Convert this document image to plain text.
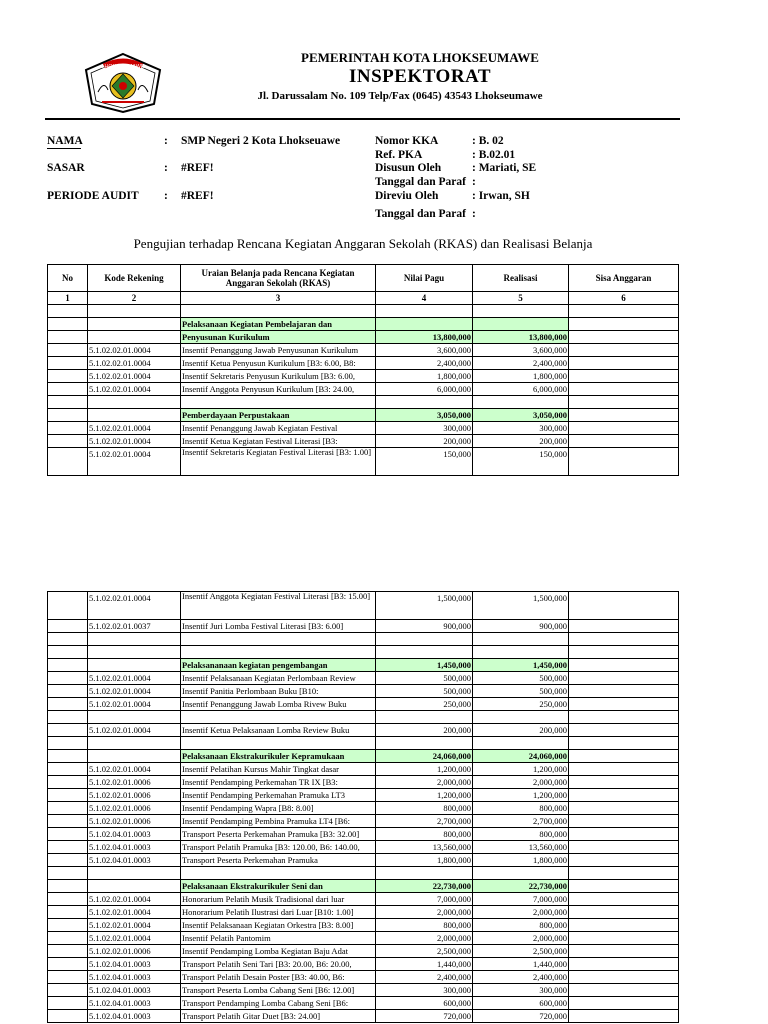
LHOKSEUMAWE
PEMERINTAH KOTA LHOKSEUMAWE
INSPEKTORAT
Jl. Darussalam No. 109 Telp/Fax (0645) 43543 Lhokseumawe
NAMA	: SMP Negeri 2 Kota Lhokseuawe
SASAR	: #REF!
PERIODE AUDIT : #REF!
Nomor KKA	: B. 02
Ref. PKA	: B.02.01
Disusun Oleh	: Mariati, SE
Tanggal dan Paraf :
Direviu Oleh	: Irwan, SH
Tanggal dan Paraf :
Pengujian terhadap Rencana Kegiatan Anggaran Sekolah (RKAS) dan Realisasi Belanja
No	Kode Rekening	Uraian Belanja pada Rencana Kegiatan Anggaran Sekolah (RKAS)	Nilai Pagu	Realisasi	Sisa Anggaran
1	2	3	4	5	6

		Pelaksanaan Kegiatan Pembelajaran dan			
		Penyusunan Kurikulum	13,800,000	13,800,000	
	5.1.02.02.01.0004	Insentif Penanggung Jawab Penyusunan Kurikulum	3,600,000	3,600,000	
	5.1.02.02.01.0004	Insentif Ketua Penyusun Kurikulum [B3: 6.00, B8:	2,400,000	2,400,000	
	5.1.02.02.01.0004	Insentif Sekretaris Penyusun Kurikulum [B3: 6.00,	1,800,000	1,800,000	
	5.1.02.02.01.0004	Insentif Anggota Penyusun Kurikulum [B3: 24.00,	6,000,000	6,000,000	

		Pemberdayaan Perpustakaan	3,050,000	3,050,000	
	5.1.02.02.01.0004	Insentif Penanggung Jawab Kegiatan Festival	300,000	300,000	
	5.1.02.02.01.0004	Insentif Ketua Kegiatan Festival Literasi [B3:	200,000	200,000	
	5.1.02.02.01.0004	Insentif Sekretaris Kegiatan Festival Literasi [B3: 1.00]	150,000	150,000	
	5.1.02.02.01.0004	Insentif Anggota Kegiatan Festival Literasi [B3: 15.00]	1,500,000	1,500,000	
	5.1.02.02.01.0037	Insentif Juri Lomba Festival Literasi [B3: 6.00]	900,000	900,000	

		Pelaksananaan kegiatan pengembangan	1,450,000	1,450,000	
	5.1.02.02.01.0004	Insentif Pelaksanaan Kegiatan Perlombaan Review	500,000	500,000	
	5.1.02.02.01.0004	Insentif Panitia Perlombaan Buku [B10:	500,000	500,000	
	5.1.02.02.01.0004	Insentif Penanggung Jawab Lomba Rivew Buku	250,000	250,000	

	5.1.02.02.01.0004	Insentif Ketua Pelaksanaan Lomba Review Buku	200,000	200,000	

		Pelaksanaan Ekstrakurikuler Kepramukaan	24,060,000	24,060,000	
	5.1.02.02.01.0004	Insentif Pelatihan Kursus Mahir Tingkat dasar	1,200,000	1,200,000	
	5.1.02.02.01.0006	Insentif Pendamping Perkemahan TR IX [B3:	2,000,000	2,000,000	
	5.1.02.02.01.0006	Insentif Pendamping Perkemahan Pramuka LT3	1,200,000	1,200,000	
	5.1.02.02.01.0006	Insentif Pendamping Wapra [B8: 8.00]	800,000	800,000	
	5.1.02.02.01.0006	Insentif Pendamping Pembina Pramuka LT4 [B6:	2,700,000	2,700,000	
	5.1.02.04.01.0003	Transport Peserta Perkemahan Pramuka [B3: 32.00]	800,000	800,000	
	5.1.02.04.01.0003	Transport Pelatih Pramuka [B3: 120.00, B6: 140.00,	13,560,000	13,560,000	
	5.1.02.04.01.0003	Transport Peserta Perkemahan Pramuka	1,800,000	1,800,000	

		Pelaksanaan Ekstrakurikuler Seni dan	22,730,000	22,730,000	
	5.1.02.02.01.0004	Honorarium Pelatih Musik Tradisional dari luar	7,000,000	7,000,000	
	5.1.02.02.01.0004	Honorarium Pelatih Ilustrasi dari Luar [B10: 1.00]	2,000,000	2,000,000	
	5.1.02.02.01.0004	Insentif Pelaksanaan Kegiatan Orkestra [B3: 8.00]	800,000	800,000	
	5.1.02.02.01.0004	Insentif Pelatih Pantomim	2,000,000	2,000,000	
	5.1.02.02.01.0006	Insentif Pendamping Lomba Kegiatan Baju Adat	2,500,000	2,500,000	
	5.1.02.04.01.0003	Transport Pelatih Seni Tari [B3: 20.00, B6: 20.00,	1,440,000	1,440,000	
	5.1.02.04.01.0003	Transport Pelatih Desain Poster [B3: 40.00, B6:	2,400,000	2,400,000	
	5.1.02.04.01.0003	Transport Peserta Lomba Cabang Seni [B6: 12.00]	300,000	300,000	
	5.1.02.04.01.0003	Transport Pendamping Lomba Cabang Seni [B6:	600,000	600,000	
	5.1.02.04.01.0003	Transport Pelatih Gitar Duet [B3: 24.00]	720,000	720,000	
